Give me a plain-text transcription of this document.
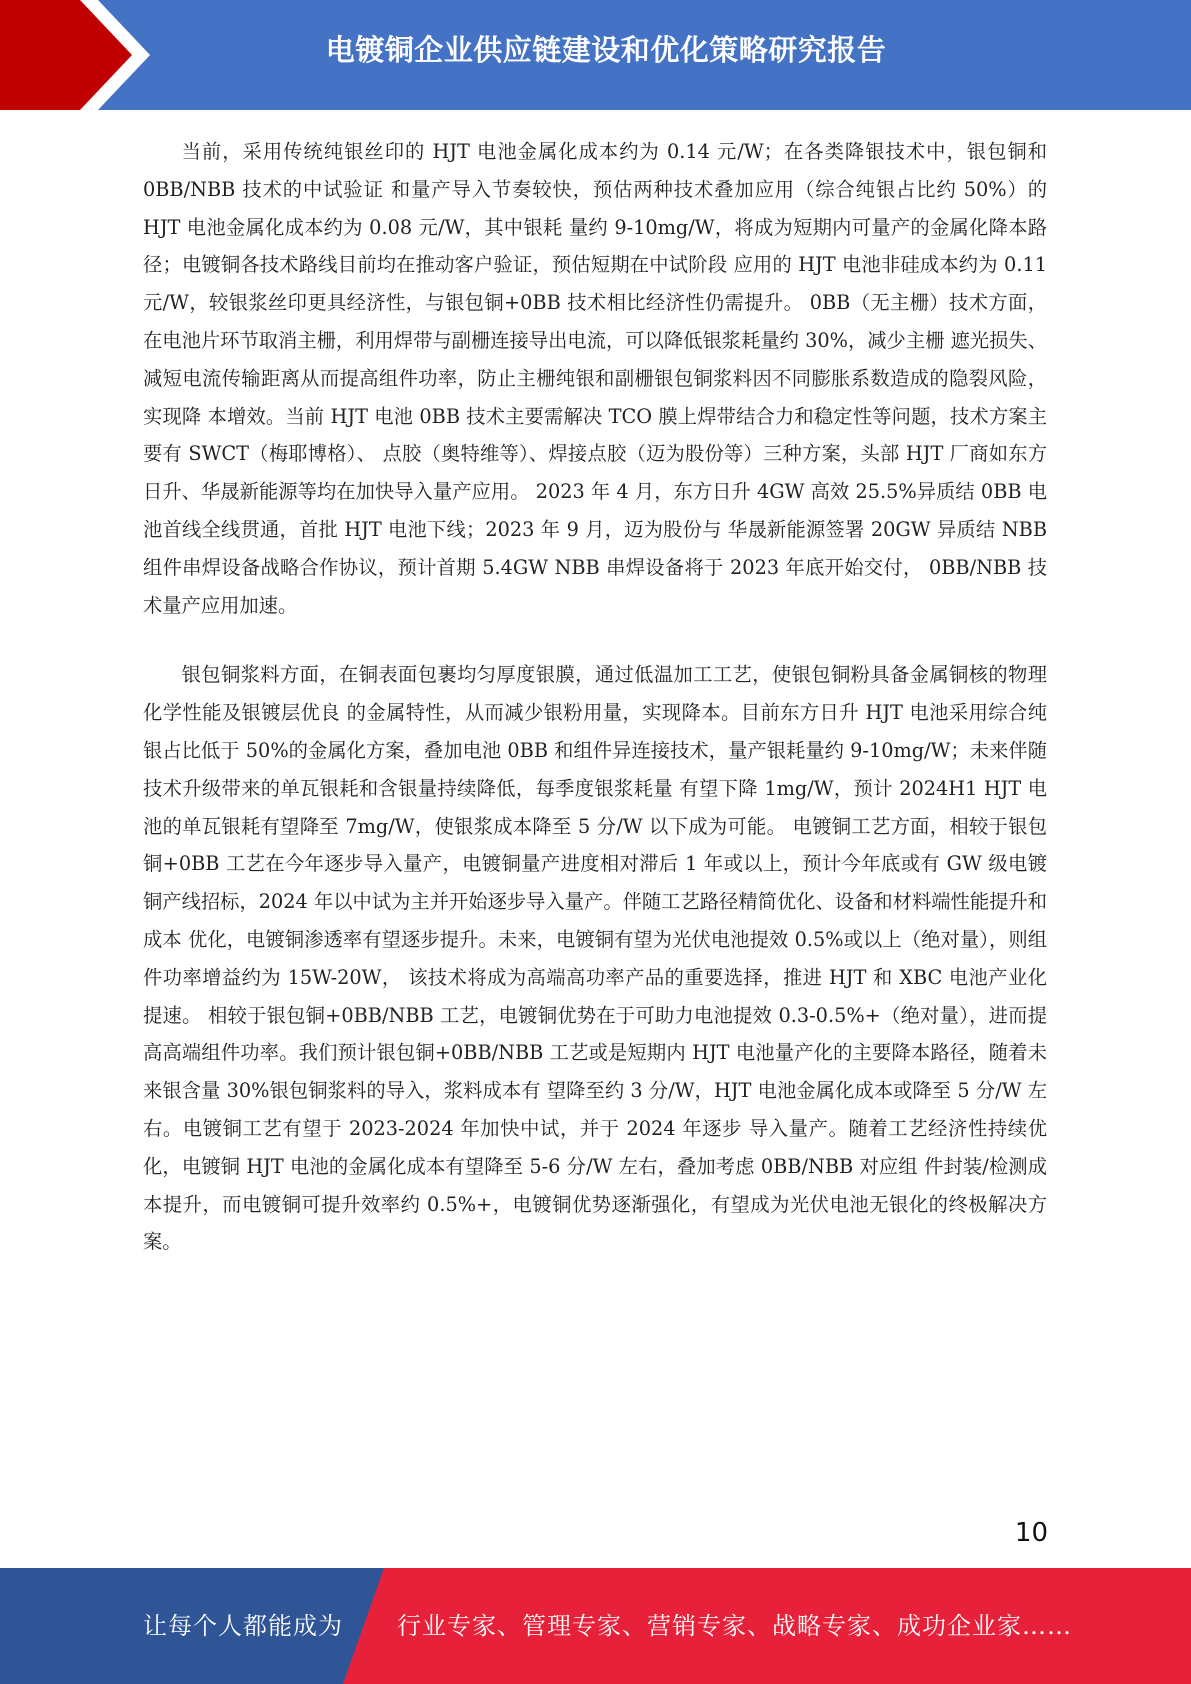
电镀铜企业供应链建设和优化策略研究报告

当前，采用传统纯银丝印的 HJT 电池金属化成本约为 0.14 元/W；在各类降银技术中，银包铜和 0BB/NBB 技术的中试验证 和量产导入节奏较快，预估两种技术叠加应用（综合纯银占比约 50%）的 HJT 电池金属化成本约为 0.08 元/W，其中银耗 量约 9-10mg/W，将成为短期内可量产的金属化降本路径；电镀铜各技术路线目前均在推动客户验证，预估短期在中试阶段 应用的 HJT 电池非硅成本约为 0.11 元/W，较银浆丝印更具经济性，与银包铜+0BB 技术相比经济性仍需提升。 0BB（无主栅）技术方面，在电池片环节取消主栅，利用焊带与副栅连接导出电流，可以降低银浆耗量约 30%，减少主栅 遮光损失、减短电流传输距离从而提高组件功率，防止主栅纯银和副栅银包铜浆料因不同膨胀系数造成的隐裂风险，实现降 本增效。当前 HJT 电池 0BB 技术主要需解决 TCO 膜上焊带结合力和稳定性等问题，技术方案主要有 SWCT（梅耶博格）、 点胶（奥特维等）、焊接点胶（迈为股份等）三种方案，头部 HJT 厂商如东方日升、华晟新能源等均在加快导入量产应用。 2023 年 4 月，东方日升 4GW 高效 25.5%异质结 0BB 电池首线全线贯通，首批 HJT 电池下线；2023 年 9 月，迈为股份与 华晟新能源签署 20GW 异质结 NBB 组件串焊设备战略合作协议，预计首期 5.4GW NBB 串焊设备将于 2023 年底开始交付， 0BB/NBB 技术量产应用加速。

银包铜浆料方面，在铜表面包裹均匀厚度银膜，通过低温加工工艺，使银包铜粉具备金属铜核的物理化学性能及银镀层优良 的金属特性，从而减少银粉用量，实现降本。目前东方日升 HJT 电池采用综合纯银占比低于 50%的金属化方案，叠加电池 0BB 和组件异连接技术，量产银耗量约 9-10mg/W；未来伴随技术升级带来的单瓦银耗和含银量持续降低，每季度银浆耗量 有望下降 1mg/W，预计 2024H1 HJT 电池的单瓦银耗有望降至 7mg/W，使银浆成本降至 5 分/W 以下成为可能。 电镀铜工艺方面，相较于银包铜+0BB 工艺在今年逐步导入量产，电镀铜量产进度相对滞后 1 年或以上，预计今年底或有 GW 级电镀铜产线招标，2024 年以中试为主并开始逐步导入量产。伴随工艺路径精简优化、设备和材料端性能提升和成本 优化，电镀铜渗透率有望逐步提升。未来，电镀铜有望为光伏电池提效 0.5%或以上（绝对量），则组件功率增益约为 15W-20W， 该技术将成为高端高功率产品的重要选择，推进 HJT 和 XBC 电池产业化提速。 相较于银包铜+0BB/NBB 工艺，电镀铜优势在于可助力电池提效 0.3-0.5%+（绝对量），进而提高高端组件功率。我们预计银包铜+0BB/NBB 工艺或是短期内 HJT 电池量产化的主要降本路径，随着未来银含量 30%银包铜浆料的导入，浆料成本有 望降至约 3 分/W，HJT 电池金属化成本或降至 5 分/W 左右。电镀铜工艺有望于 2023-2024 年加快中试，并于 2024 年逐步 导入量产。随着工艺经济性持续优化，电镀铜 HJT 电池的金属化成本有望降至 5-6 分/W 左右，叠加考虑 0BB/NBB 对应组 件封装/检测成本提升，而电镀铜可提升效率约 0.5%+，电镀铜优势逐渐强化，有望成为光伏电池无银化的终极解决方案。

10
让每个人都能成为 行业专家、管理专家、营销专家、战略专家、成功企业家……
